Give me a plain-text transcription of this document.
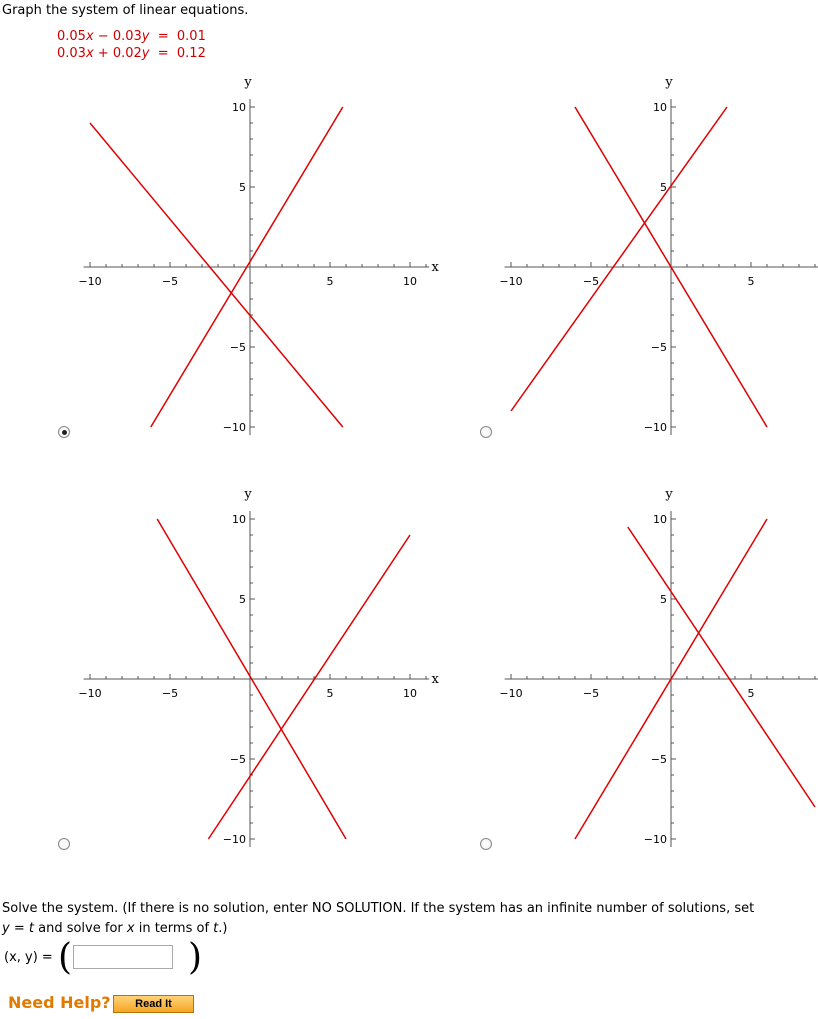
Graph the system of linear equations.
0.05x − 0.03y  =  0.01
0.03x + 0.02y  =  0.12
−10	−5	5	10
10
5
−5
−10
y
x
−10	−5	5
10
5
−5
−10
y
−10	−5	5	10
10
5
−5
−10
y
x
−10	−5	5
10
5
−5
−10
y
Solve the system. (If there is no solution, enter NO SOLUTION. If the system has an infinite number of solutions, set
y = t and solve for x in terms of t.)
(x, y) = (	)
Need Help?	Read It
